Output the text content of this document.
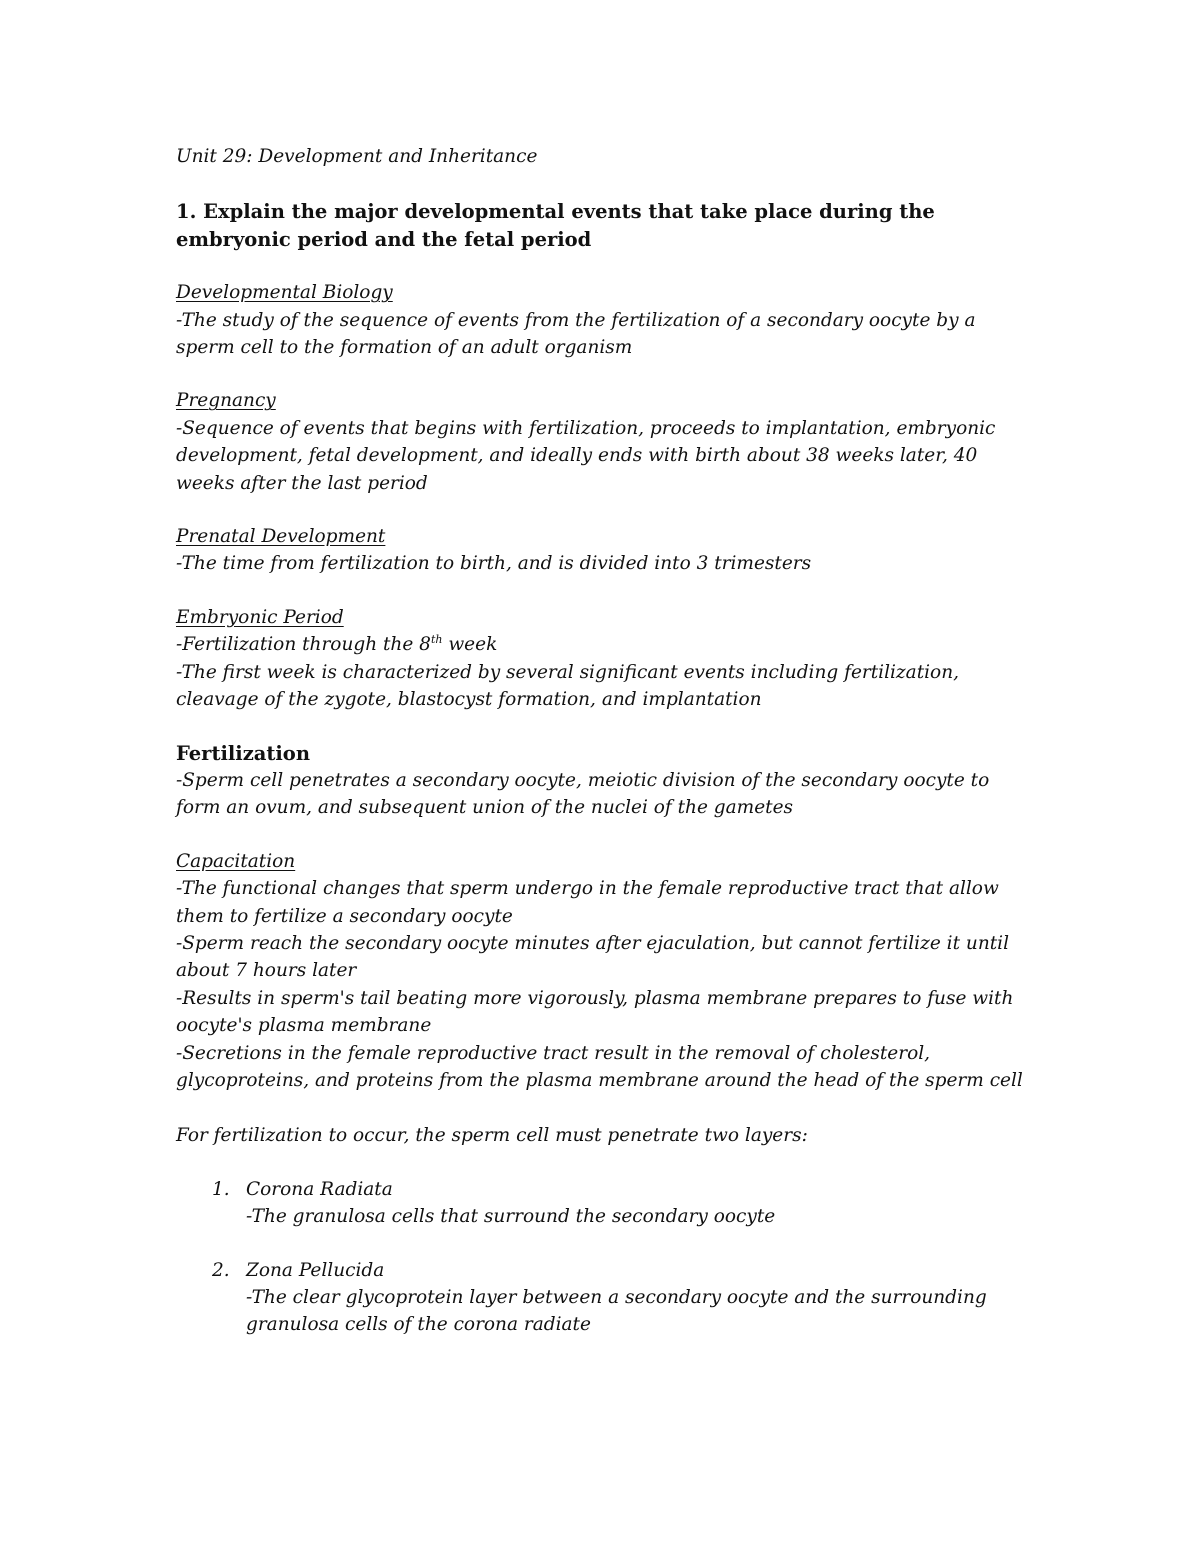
Unit 29: Development and Inheritance

1. Explain the major developmental events that take place during the embryonic period and the fetal period

Developmental Biology

-The study of the sequence of events from the fertilization of a secondary oocyte by a sperm cell to the formation of an adult organism

Pregnancy

-Sequence of events that begins with fertilization, proceeds to implantation, embryonic development, fetal development, and ideally ends with birth about 38 weeks later, 40 weeks after the last period

Prenatal Development

-The time from fertilization to birth, and is divided into 3 trimesters

Embryonic Period

-Fertilization through the 8th week

-The first week is characterized by several significant events including fertilization, cleavage of the zygote, blastocyst formation, and implantation

Fertilization

-Sperm cell penetrates a secondary oocyte, meiotic division of the secondary oocyte to form an ovum, and subsequent union of the nuclei of the gametes

Capacitation

-The functional changes that sperm undergo in the female reproductive tract that allow them to fertilize a secondary oocyte

-Sperm reach the secondary oocyte minutes after ejaculation, but cannot fertilize it until about 7 hours later

-Results in sperm's tail beating more vigorously, plasma membrane prepares to fuse with oocyte's plasma membrane

-Secretions in the female reproductive tract result in the removal of cholesterol, glycoproteins, and proteins from the plasma membrane around the head of the sperm cell

For fertilization to occur, the sperm cell must penetrate two layers:

1. Corona Radiata

-The granulosa cells that surround the secondary oocyte

2. Zona Pellucida

-The clear glycoprotein layer between a secondary oocyte and the surrounding granulosa cells of the corona radiate
